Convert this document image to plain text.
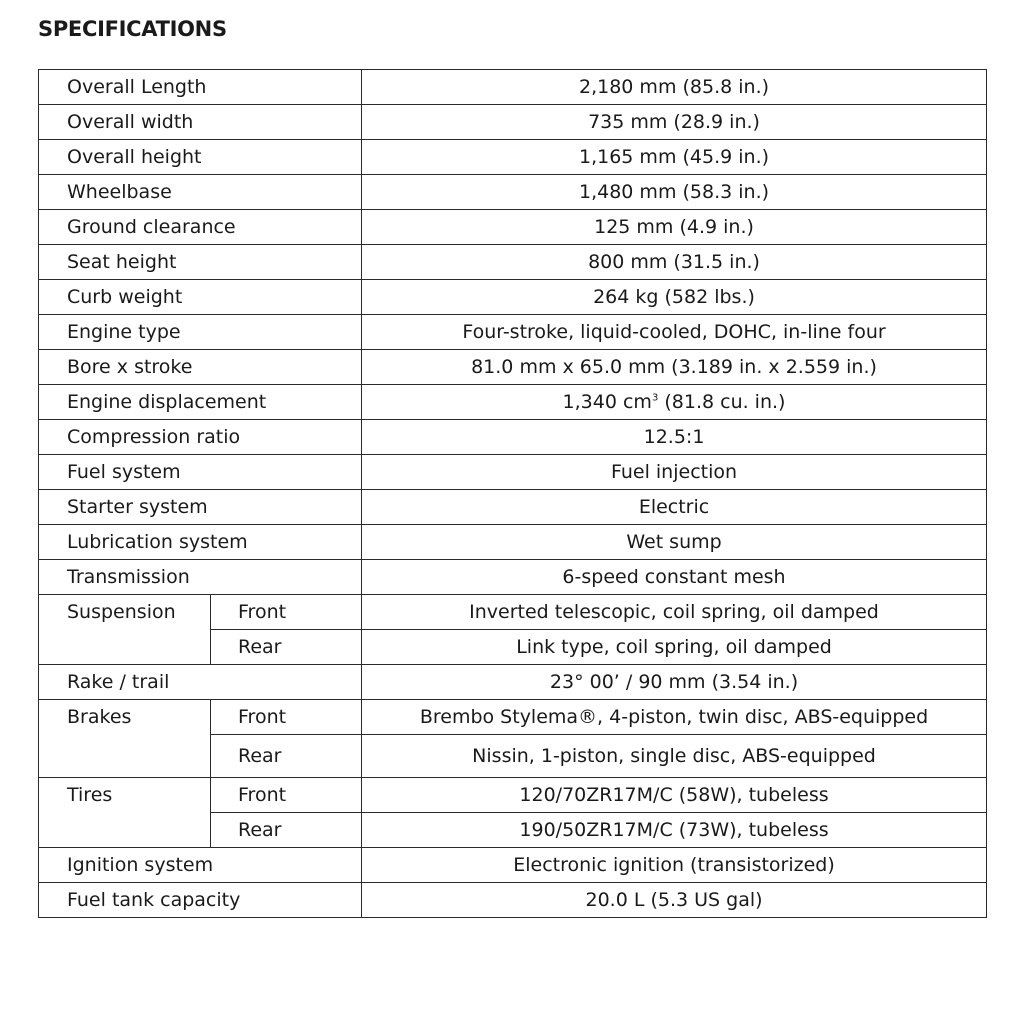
SPECIFICATIONS
Overall Length		2,180 mm (85.8 in.)
Overall width		735 mm (28.9 in.)
Overall height		1,165 mm (45.9 in.)
Wheelbase		1,480 mm (58.3 in.)
Ground clearance		125 mm (4.9 in.)
Seat height		800 mm (31.5 in.)
Curb weight		264 kg (582 lbs.)
Engine type		Four-stroke, liquid-cooled, DOHC, in-line four
Bore x stroke		81.0 mm x 65.0 mm (3.189 in. x 2.559 in.)
Engine displacement		1,340 $cm^3$ (81.8 cu. in.)
Compression ratio		12.5:1
Fuel system		Fuel injection
Starter system		Electric
Lubrication system		Wet sump
Transmission		6-speed constant mesh
Suspension	Front	Inverted telescopic, coil spring, oil damped
	Rear	Link type, coil spring, oil damped
Rake / trail		23° 00’ / 90 mm (3.54 in.)
Brakes	Front	Brembo Stylema®, 4-piston, twin disc, ABS-equipped
	Rear	Nissin, 1-piston, single disc, ABS-equipped
Tires	Front	120/70ZR17M/C (58W), tubeless
	Rear	190/50ZR17M/C (73W), tubeless
Ignition system		Electronic ignition (transistorized)
Fuel tank capacity		20.0 L (5.3 US gal)
